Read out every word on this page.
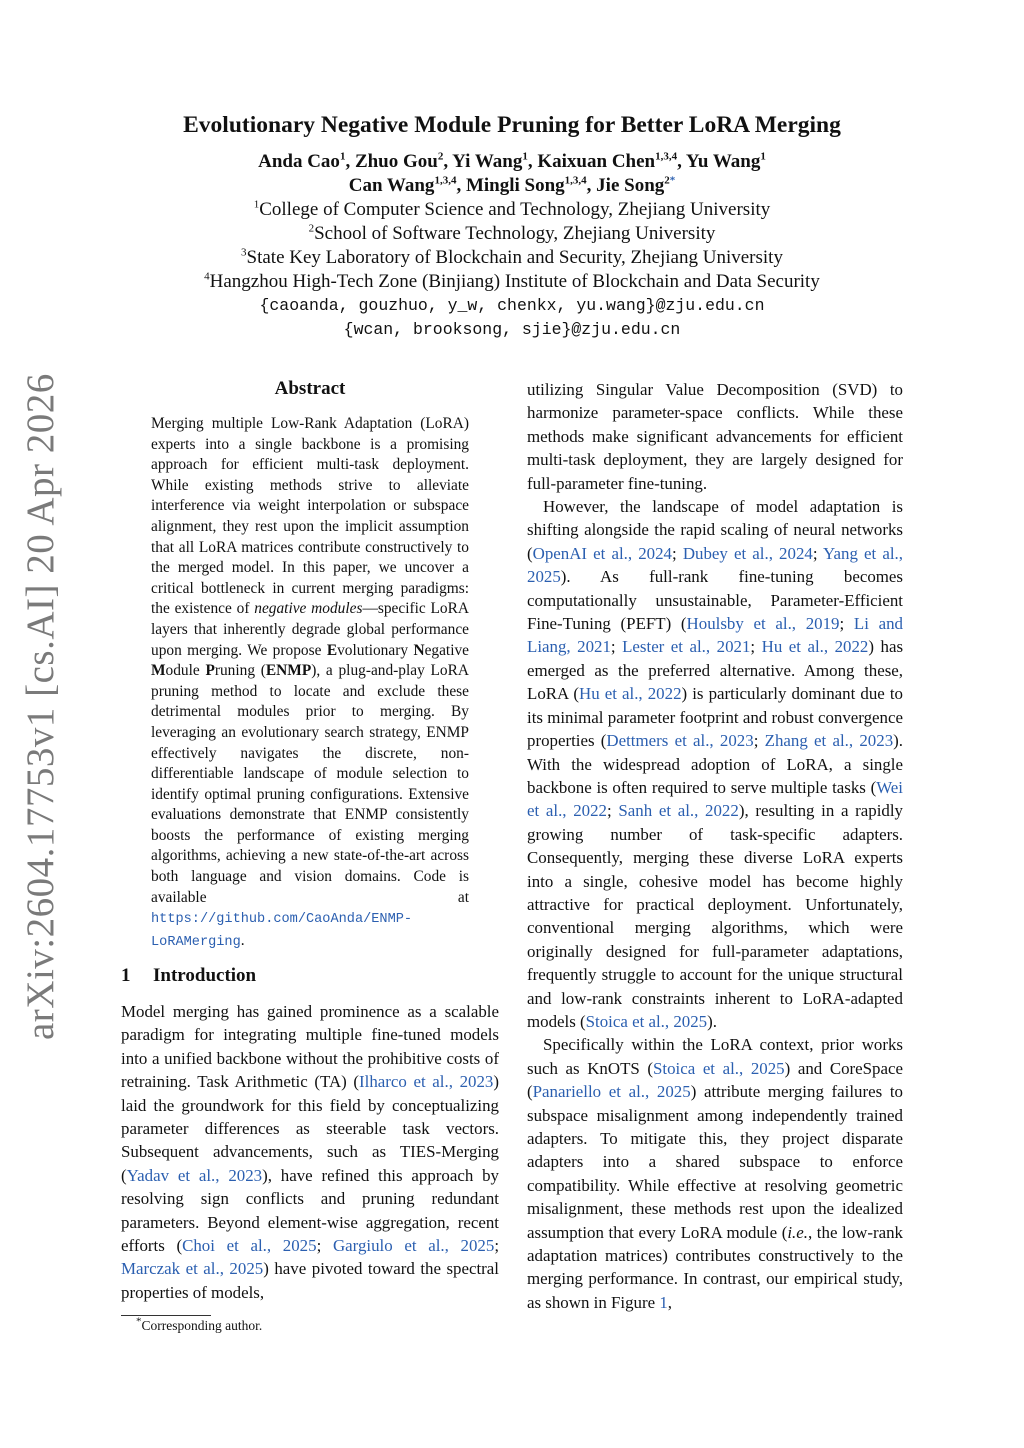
arXiv:2604.17753v1 [cs.AI] 20 Apr 2026
Evolutionary Negative Module Pruning for Better LoRA Merging
Anda Cao$^1$, Zhuo Gou$^2$, Yi Wang$^1$, Kaixuan Chen$^{1,3,4}$, Yu Wang$^1$
Can Wang$^{1,3,4}$, Mingli Song$^{1,3,4}$, Jie Song$^{2*}$
$^1$College of Computer Science and Technology, Zhejiang University
$^2$School of Software Technology, Zhejiang University
$^3$State Key Laboratory of Blockchain and Security, Zhejiang University
$^4$Hangzhou High-Tech Zone (Binjiang) Institute of Blockchain and Data Security
{caoanda, gouzhuo, y_w, chenkx, yu.wang}@zju.edu.cn
{wcan, brooksong, sjie}@zju.edu.cn
Abstract
Merging multiple Low-Rank Adaptation (LoRA) experts into a single backbone is a promising approach for efficient multi-task deployment. While existing methods strive to alleviate interference via weight interpolation or subspace alignment, they rest upon the implicit assumption that all LoRA matrices contribute constructively to the merged model. In this paper, we uncover a critical bottleneck in current merging paradigms: the existence of negative modules—specific LoRA layers that inherently degrade global performance upon merging. We propose Evolutionary Negative Module Pruning (ENMP), a plug-and-play LoRA pruning method to locate and exclude these detrimental modules prior to merging. By leveraging an evolutionary search strategy, ENMP effectively navigates the discrete, non-differentiable landscape of module selection to identify optimal pruning configurations. Extensive evaluations demonstrate that ENMP consistently boosts the performance of existing merging algorithms, achieving a new state-of-the-art across both language and vision domains. Code is available at https://github.com/CaoAnda/ENMP-LoRAMerging.
1 Introduction

Model merging has gained prominence as a scalable paradigm for integrating multiple fine-tuned models into a unified backbone without the prohibitive costs of retraining. Task Arithmetic (TA) (Ilharco et al., 2023) laid the groundwork for this field by conceptualizing parameter differences as steerable task vectors. Subsequent advancements, such as TIES-Merging (Yadav et al., 2023), have refined this approach by resolving sign conflicts and pruning redundant parameters. Beyond element-wise aggregation, recent efforts (Choi et al., 2025; Gargiulo et al., 2025; Marczak et al., 2025) have pivoted toward the spectral properties of models,

utilizing Singular Value Decomposition (SVD) to harmonize parameter-space conflicts. While these methods make significant advancements for efficient multi-task deployment, they are largely designed for full-parameter fine-tuning.

However, the landscape of model adaptation is shifting alongside the rapid scaling of neural networks (OpenAI et al., 2024; Dubey et al., 2024; Yang et al., 2025). As full-rank fine-tuning becomes computationally unsustainable, Parameter-Efficient Fine-Tuning (PEFT) (Houlsby et al., 2019; Li and Liang, 2021; Lester et al., 2021; Hu et al., 2022) has emerged as the preferred alternative. Among these, LoRA (Hu et al., 2022) is particularly dominant due to its minimal parameter footprint and robust convergence properties (Dettmers et al., 2023; Zhang et al., 2023). With the widespread adoption of LoRA, a single backbone is often required to serve multiple tasks (Wei et al., 2022; Sanh et al., 2022), resulting in a rapidly growing number of task-specific adapters. Consequently, merging these diverse LoRA experts into a single, cohesive model has become highly attractive for practical deployment. Unfortunately, conventional merging algorithms, which were originally designed for full-parameter adaptations, frequently struggle to account for the unique structural and low-rank constraints inherent to LoRA-adapted models (Stoica et al., 2025).

Specifically within the LoRA context, prior works such as KnOTS (Stoica et al., 2025) and CoreSpace (Panariello et al., 2025) attribute merging failures to subspace misalignment among independently trained adapters. To mitigate this, they project disparate adapters into a shared subspace to enforce compatibility. While effective at resolving geometric misalignment, these methods rest upon the idealized assumption that every LoRA module (i.e., the low-rank adaptation matrices) contributes constructively to the merging performance. In contrast, our empirical study, as shown in Figure 1,

*Corresponding author.
